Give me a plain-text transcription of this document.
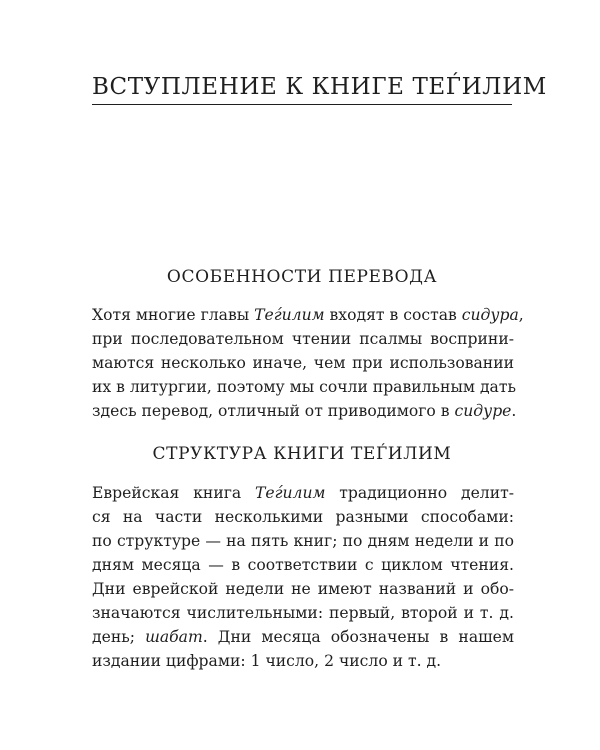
ВСТУПЛЕНИЕ К КНИГЕ ТЕЃИЛИМ
ОСОБЕННОСТИ ПЕРЕВОДА
Хотя многие главы Теѓилим входят в состав сидура,
при последовательном чтении псалмы восприни-
маются несколько иначе, чем при использовании
их в литургии, поэтому мы сочли правильным дать
здесь перевод, отличный от приводимого в сидуре.
СТРУКТУРА КНИГИ ТЕЃИЛИМ
Еврейская книга Теѓилим традиционно делит-
ся на части несколькими разными способами:
по структуре — на пять книг; по дням недели и по
дням месяца — в соответствии с циклом чтения.
Дни еврейской недели не имеют названий и обо-
значаются числительными: первый, второй и т. д.
день; шабат. Дни месяца обозначены в нашем
издании цифрами: 1 число, 2 число и т. д.
